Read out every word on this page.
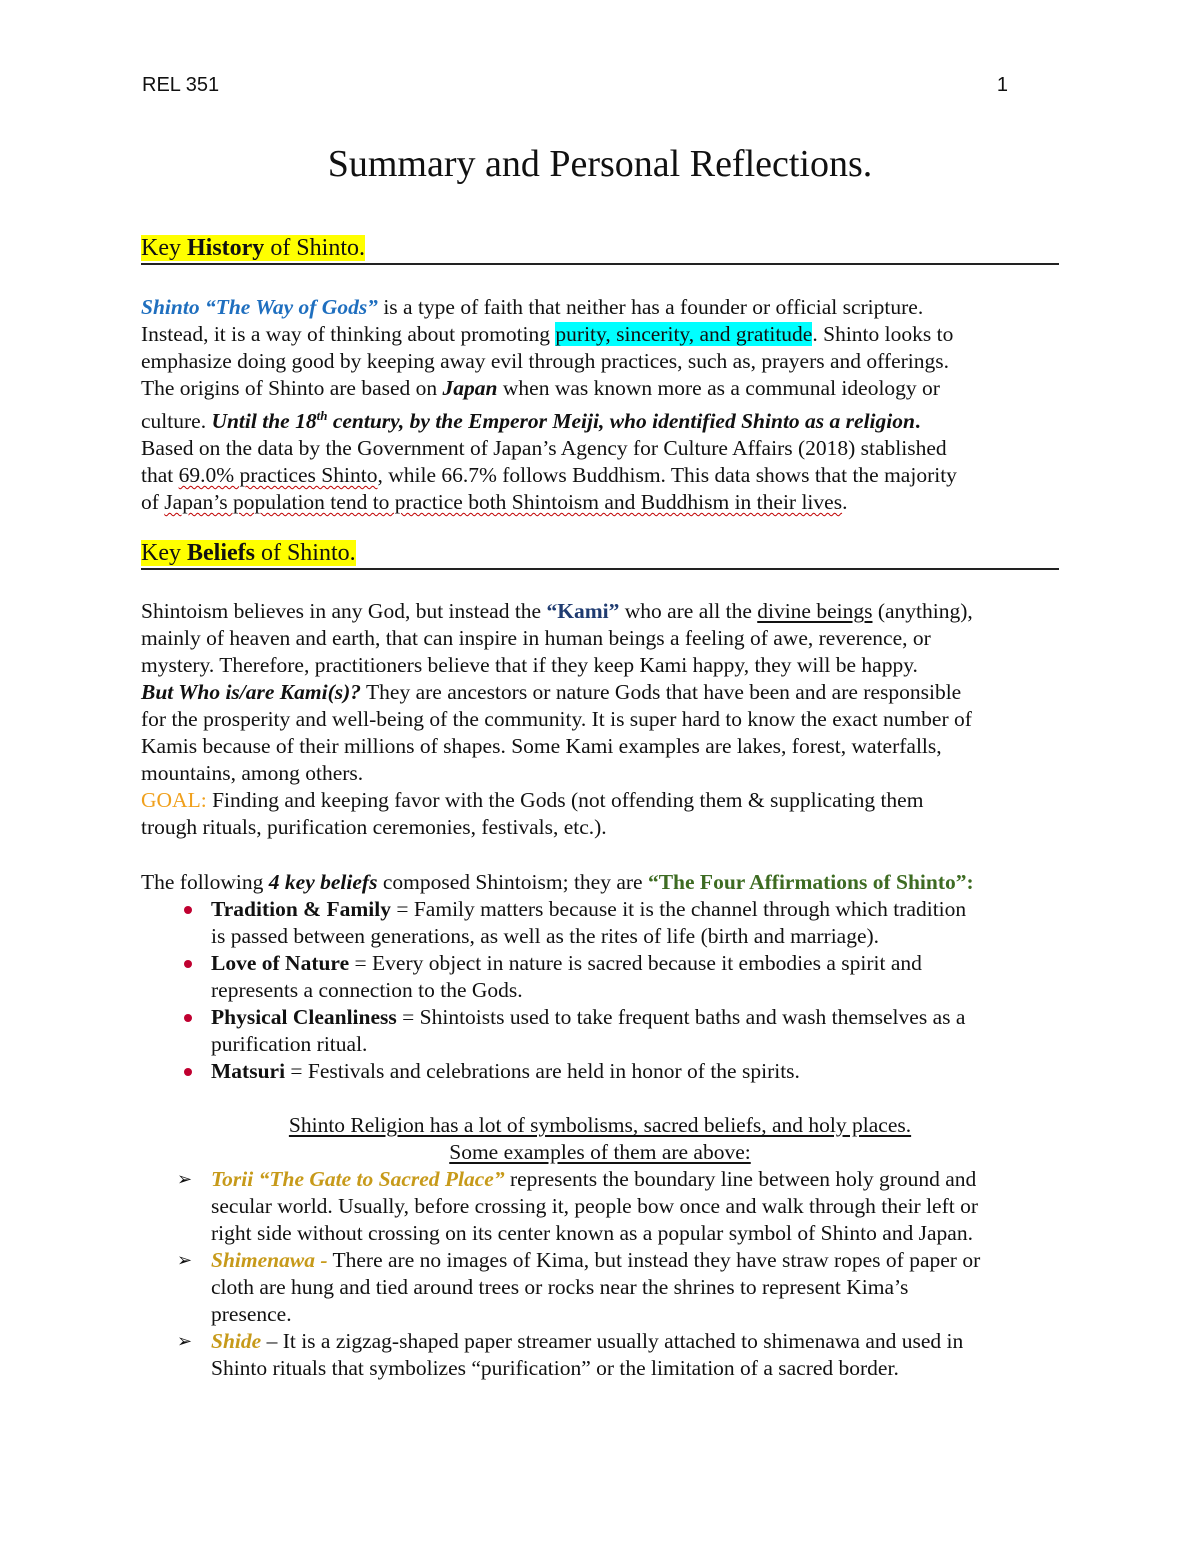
REL 351	1
Summary and Personal Reflections.
Key History of Shinto.

Shinto “The Way of Gods” is a type of faith that neither has a founder or official scripture.

Instead, it is a way of thinking about promoting purity, sincerity, and gratitude. Shinto looks to

emphasize doing good by keeping away evil through practices, such as, prayers and offerings.

The origins of Shinto are based on Japan when was known more as a communal ideology or

culture. Until the 18th century, by the Emperor Meiji, who identified Shinto as a religion.

Based on the data by the Government of Japan’s Agency for Culture Affairs (2018) stablished

that 69.0% practices Shinto, while 66.7% follows Buddhism. This data shows that the majority

of Japan’s population tend to practice both Shintoism and Buddhism in their lives.

Key Beliefs of Shinto.

Shintoism believes in any God, but instead the “Kami” who are all the divine beings (anything),

mainly of heaven and earth, that can inspire in human beings a feeling of awe, reverence, or

mystery. Therefore, practitioners believe that if they keep Kami happy, they will be happy.

But Who is/are Kami(s)? They are ancestors or nature Gods that have been and are responsible

for the prosperity and well-being of the community. It is super hard to know the exact number of

Kamis because of their millions of shapes. Some Kami examples are lakes, forest, waterfalls,

mountains, among others.

GOAL: Finding and keeping favor with the Gods (not offending them & supplicating them

trough rituals, purification ceremonies, festivals, etc.).

The following 4 key beliefs composed Shintoism; they are “The Four Affirmations of Shinto”:

Tradition & Family = Family matters because it is the channel through which tradition

is passed between generations, as well as the rites of life (birth and marriage).

Love of Nature = Every object in nature is sacred because it embodies a spirit and

represents a connection to the Gods.

Physical Cleanliness = Shintoists used to take frequent baths and wash themselves as a

purification ritual.

Matsuri = Festivals and celebrations are held in honor of the spirits.

Shinto Religion has a lot of symbolisms, sacred beliefs, and holy places.

Some examples of them are above:

➢ Torii “The Gate to Sacred Place” represents the boundary line between holy ground and

secular world. Usually, before crossing it, people bow once and walk through their left or

right side without crossing on its center known as a popular symbol of Shinto and Japan.

➢ Shimenawa - There are no images of Kima, but instead they have straw ropes of paper or

cloth are hung and tied around trees or rocks near the shrines to represent Kima’s

presence.

➢ Shide – It is a zigzag-shaped paper streamer usually attached to shimenawa and used in

Shinto rituals that symbolizes “purification” or the limitation of a sacred border.
